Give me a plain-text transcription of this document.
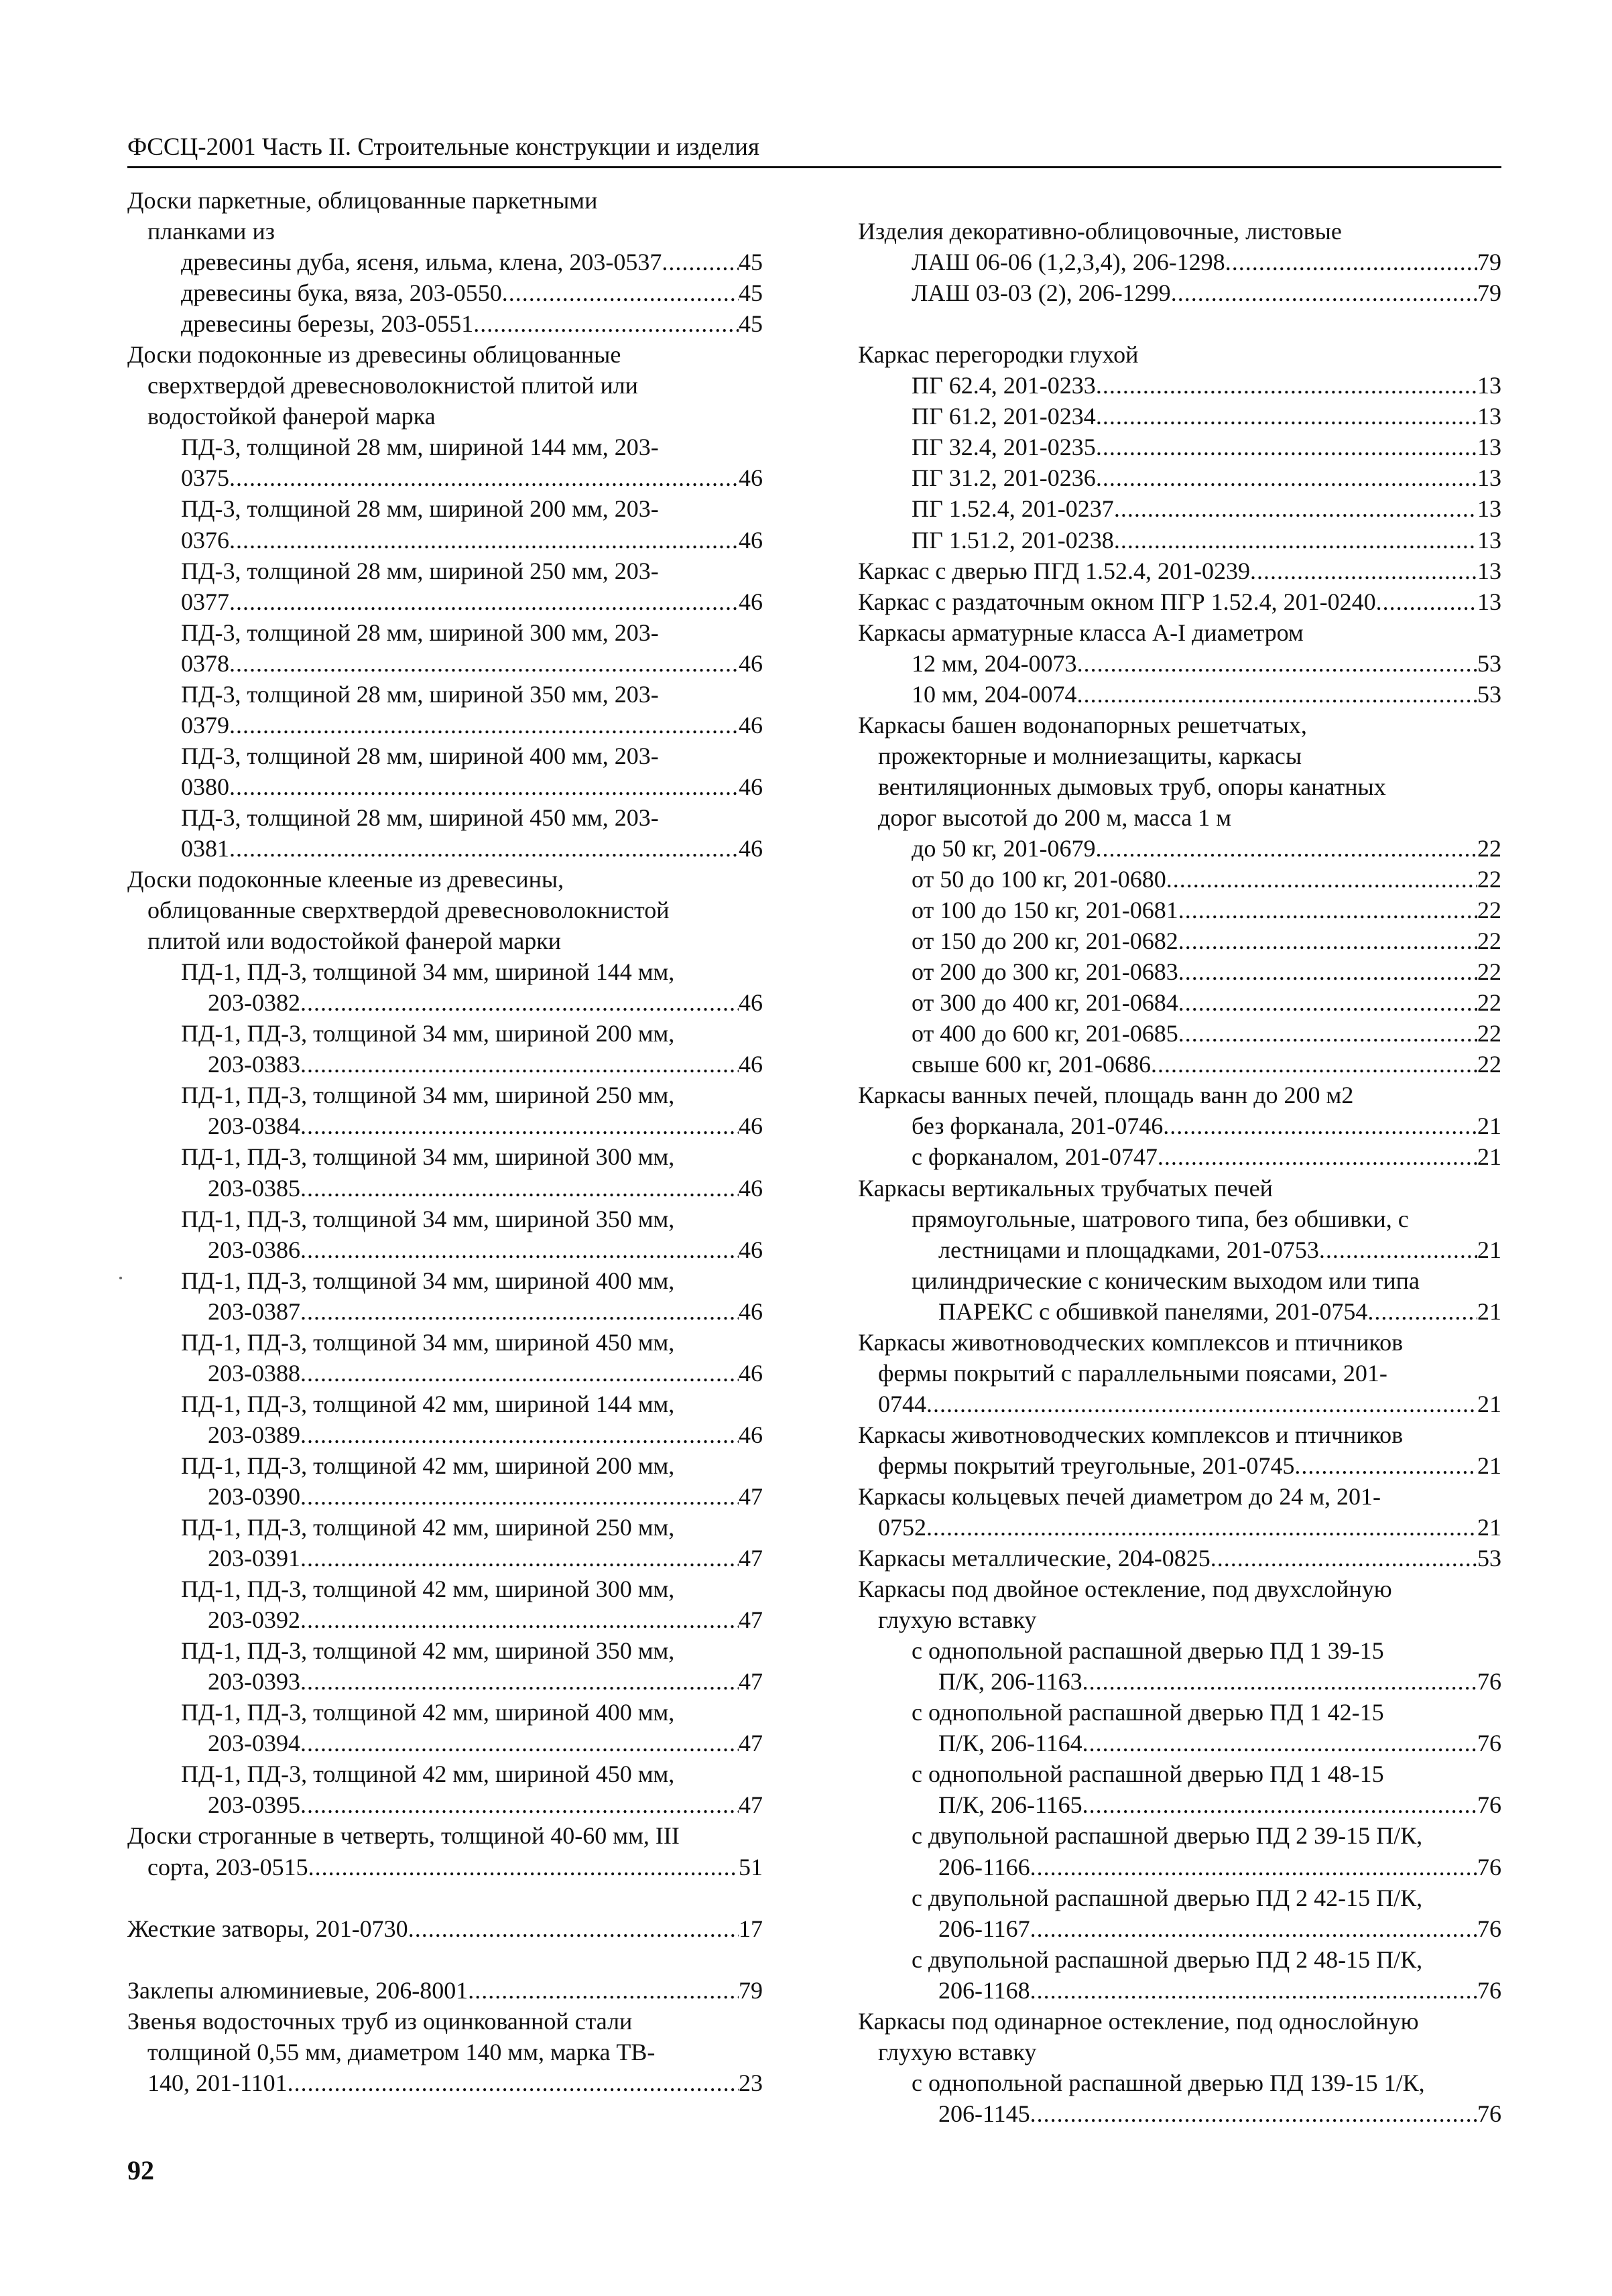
ФССЦ-2001 Часть II. Строительные конструкции и изделия
Доски паркетные, облицованные паркетными
планками из
древесины дуба, ясеня, ильма, клена, 203-0537 .....	45
древесины бука, вяза, 203-0550 .....	45
древесины березы, 203-0551 .....	45
Доски подоконные из древесины облицованные
сверхтвердой древесноволокнистой плитой или
водостойкой фанерой марка
ПД-3, толщиной 28 мм, шириной 144 мм, 203-
0375 .....	46
ПД-3, толщиной 28 мм, шириной 200 мм, 203-
0376 .....	46
ПД-3, толщиной 28 мм, шириной 250 мм, 203-
0377 .....	46
ПД-3, толщиной 28 мм, шириной 300 мм, 203-
0378 .....	46
ПД-3, толщиной 28 мм, шириной 350 мм, 203-
0379 .....	46
ПД-3, толщиной 28 мм, шириной 400 мм, 203-
0380 .....	46
ПД-3, толщиной 28 мм, шириной 450 мм, 203-
0381 .....	46
Доски подоконные клееные из древесины,
облицованные сверхтвердой древесноволокнистой
плитой или водостойкой фанерой марки
ПД-1, ПД-3, толщиной 34 мм, шириной 144 мм,
203-0382 .....	46
ПД-1, ПД-3, толщиной 34 мм, шириной 200 мм,
203-0383 .....	46
ПД-1, ПД-3, толщиной 34 мм, шириной 250 мм,
203-0384 .....	46
ПД-1, ПД-3, толщиной 34 мм, шириной 300 мм,
203-0385 .....	46
ПД-1, ПД-3, толщиной 34 мм, шириной 350 мм,
203-0386 .....	46
ПД-1, ПД-3, толщиной 34 мм, шириной 400 мм,
203-0387 .....	46
ПД-1, ПД-3, толщиной 34 мм, шириной 450 мм,
203-0388 .....	46
ПД-1, ПД-3, толщиной 42 мм, шириной 144 мм,
203-0389 .....	46
ПД-1, ПД-3, толщиной 42 мм, шириной 200 мм,
203-0390 .....	47
ПД-1, ПД-3, толщиной 42 мм, шириной 250 мм,
203-0391 .....	47
ПД-1, ПД-3, толщиной 42 мм, шириной 300 мм,
203-0392 .....	47
ПД-1, ПД-3, толщиной 42 мм, шириной 350 мм,
203-0393 .....	47
ПД-1, ПД-3, толщиной 42 мм, шириной 400 мм,
203-0394 .....	47
ПД-1, ПД-3, толщиной 42 мм, шириной 450 мм,
203-0395 .....	47
Доски строганные в четверть, толщиной 40-60 мм, III
сорта, 203-0515 .....	51
Жесткие затворы, 201-0730 .....	17
Заклепы алюминиевые, 206-8001 .....	79
Звенья водосточных труб из оцинкованной стали
толщиной 0,55 мм, диаметром 140 мм, марка ТВ-
140, 201-1101 .....	23
Изделия декоративно-облицовочные, листовые
ЛАШ 06-06 (1,2,3,4), 206-1298 .....	79
ЛАШ 03-03 (2), 206-1299 .....	79
Каркас перегородки глухой
ПГ 62.4, 201-0233 .....	13
ПГ 61.2, 201-0234 .....	13
ПГ 32.4, 201-0235 .....	13
ПГ 31.2, 201-0236 .....	13
ПГ 1.52.4, 201-0237 .....	13
ПГ 1.51.2, 201-0238 .....	13
Каркас с дверью ПГД 1.52.4, 201-0239 .....	13
Каркас с раздаточным окном ПГР 1.52.4, 201-0240 .....	13
Каркасы арматурные класса А-I диаметром
12 мм, 204-0073 .....	53
10 мм, 204-0074 .....	53
Каркасы башен водонапорных решетчатых,
прожекторные и молниезащиты, каркасы
вентиляционных дымовых труб, опоры канатных
дорог высотой до 200 м, масса 1 м
до 50 кг, 201-0679 .....	22
от 50 до 100 кг, 201-0680 .....	22
от 100 до 150 кг, 201-0681 .....	22
от 150 до 200 кг, 201-0682 .....	22
от 200 до 300 кг, 201-0683 .....	22
от 300 до 400 кг, 201-0684 .....	22
от 400 до 600 кг, 201-0685 .....	22
свыше 600 кг, 201-0686 .....	22
Каркасы ванных печей, площадь ванн до 200 м2
без форканала, 201-0746 .....	21
с форканалом, 201-0747 .....	21
Каркасы вертикальных трубчатых печей
прямоугольные, шатрового типа, без обшивки, с
лестницами и площадками, 201-0753 .....	21
цилиндрические с коническим выходом или типа
ПАРЕКС с обшивкой панелями, 201-0754 .....	21
Каркасы животноводческих комплексов и птичников
фермы покрытий с параллельными поясами, 201-
0744 .....	21
Каркасы животноводческих комплексов и птичников
фермы покрытий треугольные, 201-0745 .....	21
Каркасы кольцевых печей диаметром до 24 м, 201-
0752 .....	21
Каркасы металлические, 204-0825 .....	53
Каркасы под двойное остекление, под двухслойную
глухую вставку
с однопольной распашной дверью ПД 1 39-15
П/К, 206-1163 .....	76
с однопольной распашной дверью ПД 1 42-15
П/К, 206-1164 .....	76
с однопольной распашной дверью ПД 1 48-15
П/К, 206-1165 .....	76
с двупольной распашной дверью ПД 2 39-15 П/К,
206-1166 .....	76
с двупольной распашной дверью ПД 2 42-15 П/К,
206-1167 .....	76
с двупольной распашной дверью ПД 2 48-15 П/К,
206-1168 .....	76
Каркасы под одинарное остекление, под однослойную
глухую вставку
с однопольной распашной дверью ПД 139-15 1/К,
206-1145 .....	76
92
